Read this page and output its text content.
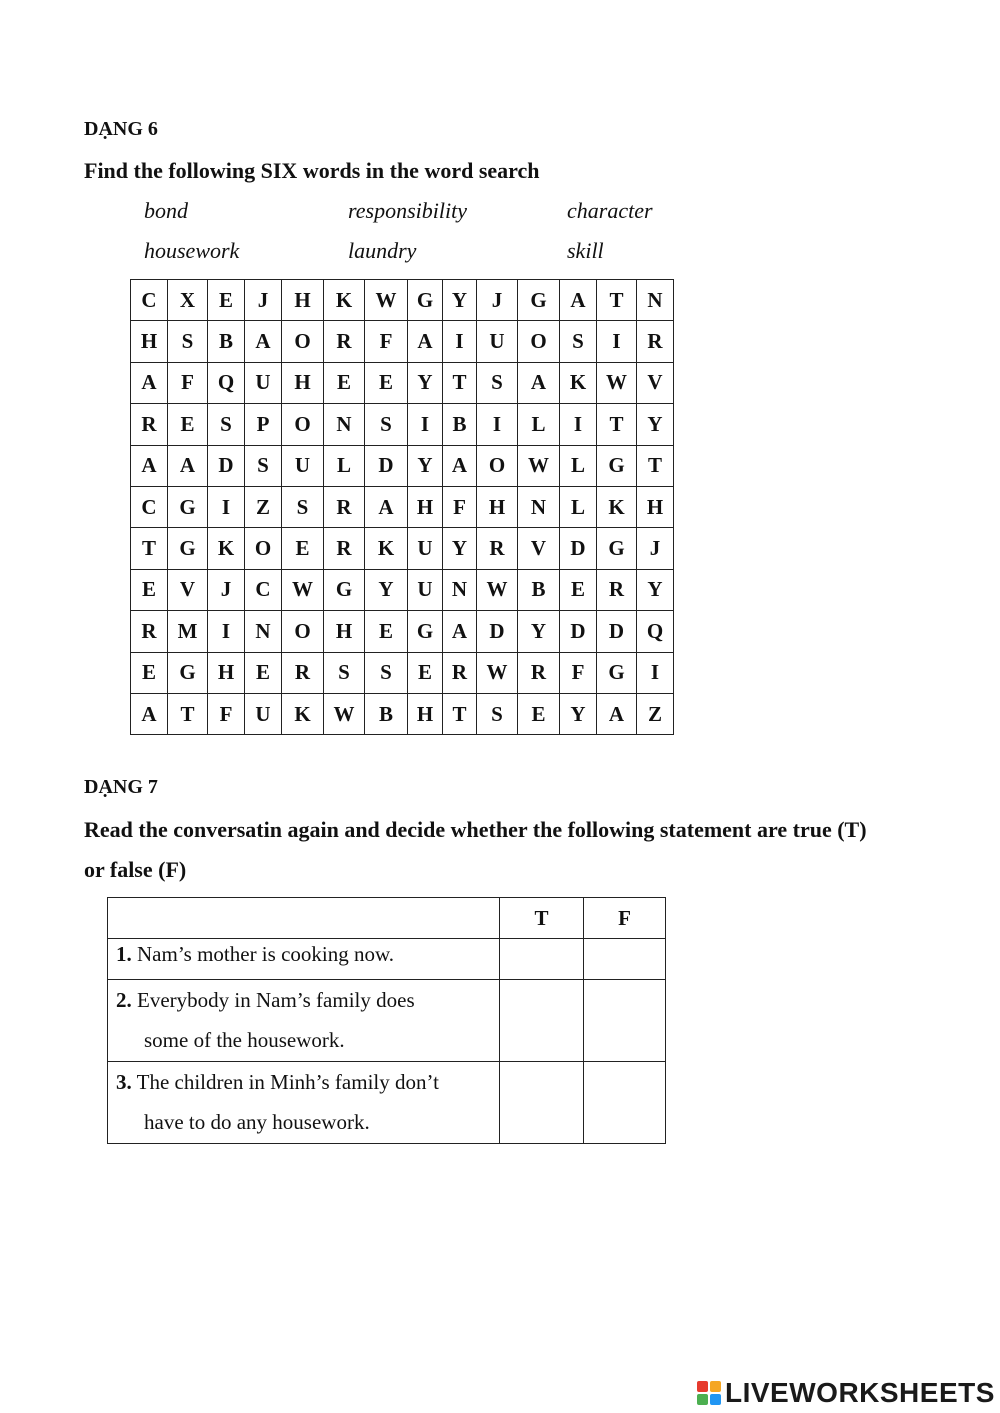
DẠNG 6
Find the following SIX words in the word search
bond	responsibility	character
housework	laundry	skill
C	X	E	J	H	K	W	G	Y	J	G	A	T	N
H	S	B	A	O	R	F	A	I	U	O	S	I	R
A	F	Q	U	H	E	E	Y	T	S	A	K	W	V
R	E	S	P	O	N	S	I	B	I	L	I	T	Y
A	A	D	S	U	L	D	Y	A	O	W	L	G	T
C	G	I	Z	S	R	A	H	F	H	N	L	K	H
T	G	K	O	E	R	K	U	Y	R	V	D	G	J
E	V	J	C	W	G	Y	U	N	W	B	E	R	Y
R	M	I	N	O	H	E	G	A	D	Y	D	D	Q
E	G	H	E	R	S	S	E	R	W	R	F	G	I
A	T	F	U	K	W	B	H	T	S	E	Y	A	Z
DẠNG 7
Read the conversatin again and decide whether the following statement are true (T)
or false (F)
	T	F

1. Nam’s mother is cooking now.		

2. Everybody in Nam’s family does
some of the housework.		

3. The children in Minh’s family don’t
have to do any housework.		

LIVEWORKSHEETS
